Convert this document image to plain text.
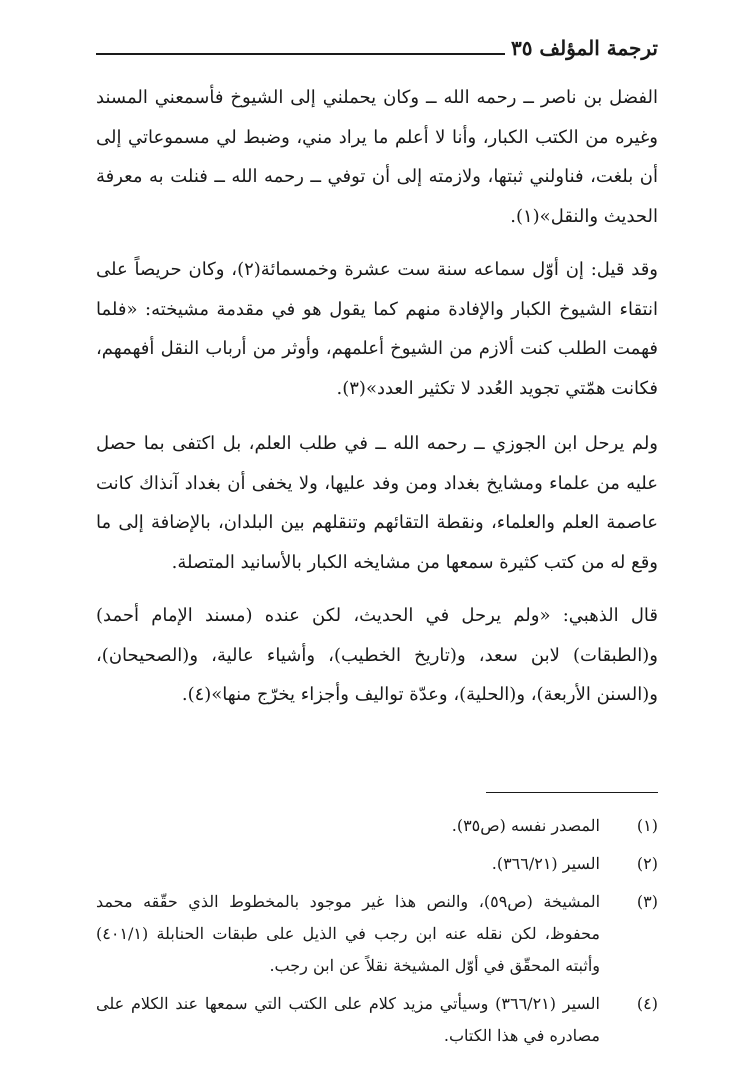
ترجمة المؤلف ٣٥

الفضل بن ناصر ــ رحمه الله ــ وكان يحملني إلى الشيوخ فأسمعني المسند وغيره من الكتب الكبار، وأنا لا أعلم ما يراد مني، وضبط لي مسموعاتي إلى أن بلغت، فناولني ثبتها، ولازمته إلى أن توفي ــ رحمه الله ــ فنلت به معرفة الحديث والنقل»(١).

وقد قيل: إن أوّل سماعه سنة ست عشرة وخمسمائة(٢)، وكان حريصاً على انتقاء الشيوخ الكبار والإفادة منهم كما يقول هو في مقدمة مشيخته: «فلما فهمت الطلب كنت ألازم من الشيوخ أعلمهم، وأوثر من أرباب النقل أفهمهم، فكانت همّتي تجويد العُدد لا تكثير العدد»(٣).

ولم يرحل ابن الجوزي ــ رحمه الله ــ في طلب العلم، بل اكتفى بما حصل عليه من علماء ومشايخ بغداد ومن وفد عليها، ولا يخفى أن بغداد آنذاك كانت عاصمة العلم والعلماء، ونقطة التقائهم وتنقلهم بين البلدان، بالإضافة إلى ما وقع له من كتب كثيرة سمعها من مشايخه الكبار بالأسانيد المتصلة.

قال الذهبي: «ولم يرحل في الحديث، لكن عنده (مسند الإمام أحمد) و(الطبقات) لابن سعد، و(تاريخ الخطيب)، وأشياء عالية، و(الصحيحان)، و(السنن الأربعة)، و(الحلية)، وعدّة تواليف وأجزاء يخرّج منها»(٤).

(١)
المصدر نفسه (ص٣٥).
(٢)
السير (٣٦٦/٢١).
(٣)
المشيخة (ص٥٩)، والنص هذا غير موجود بالمخطوط الذي حقّقه محمد محفوظ، لكن نقله عنه ابن رجب في الذيل على طبقات الحنابلة (٤٠١/١) وأثبته المحقّق في أوّل المشيخة نقلاً عن ابن رجب.
(٤)
السير (٣٦٦/٢١) وسيأتي مزيد كلام على الكتب التي سمعها عند الكلام على مصادره في هذا الكتاب.
